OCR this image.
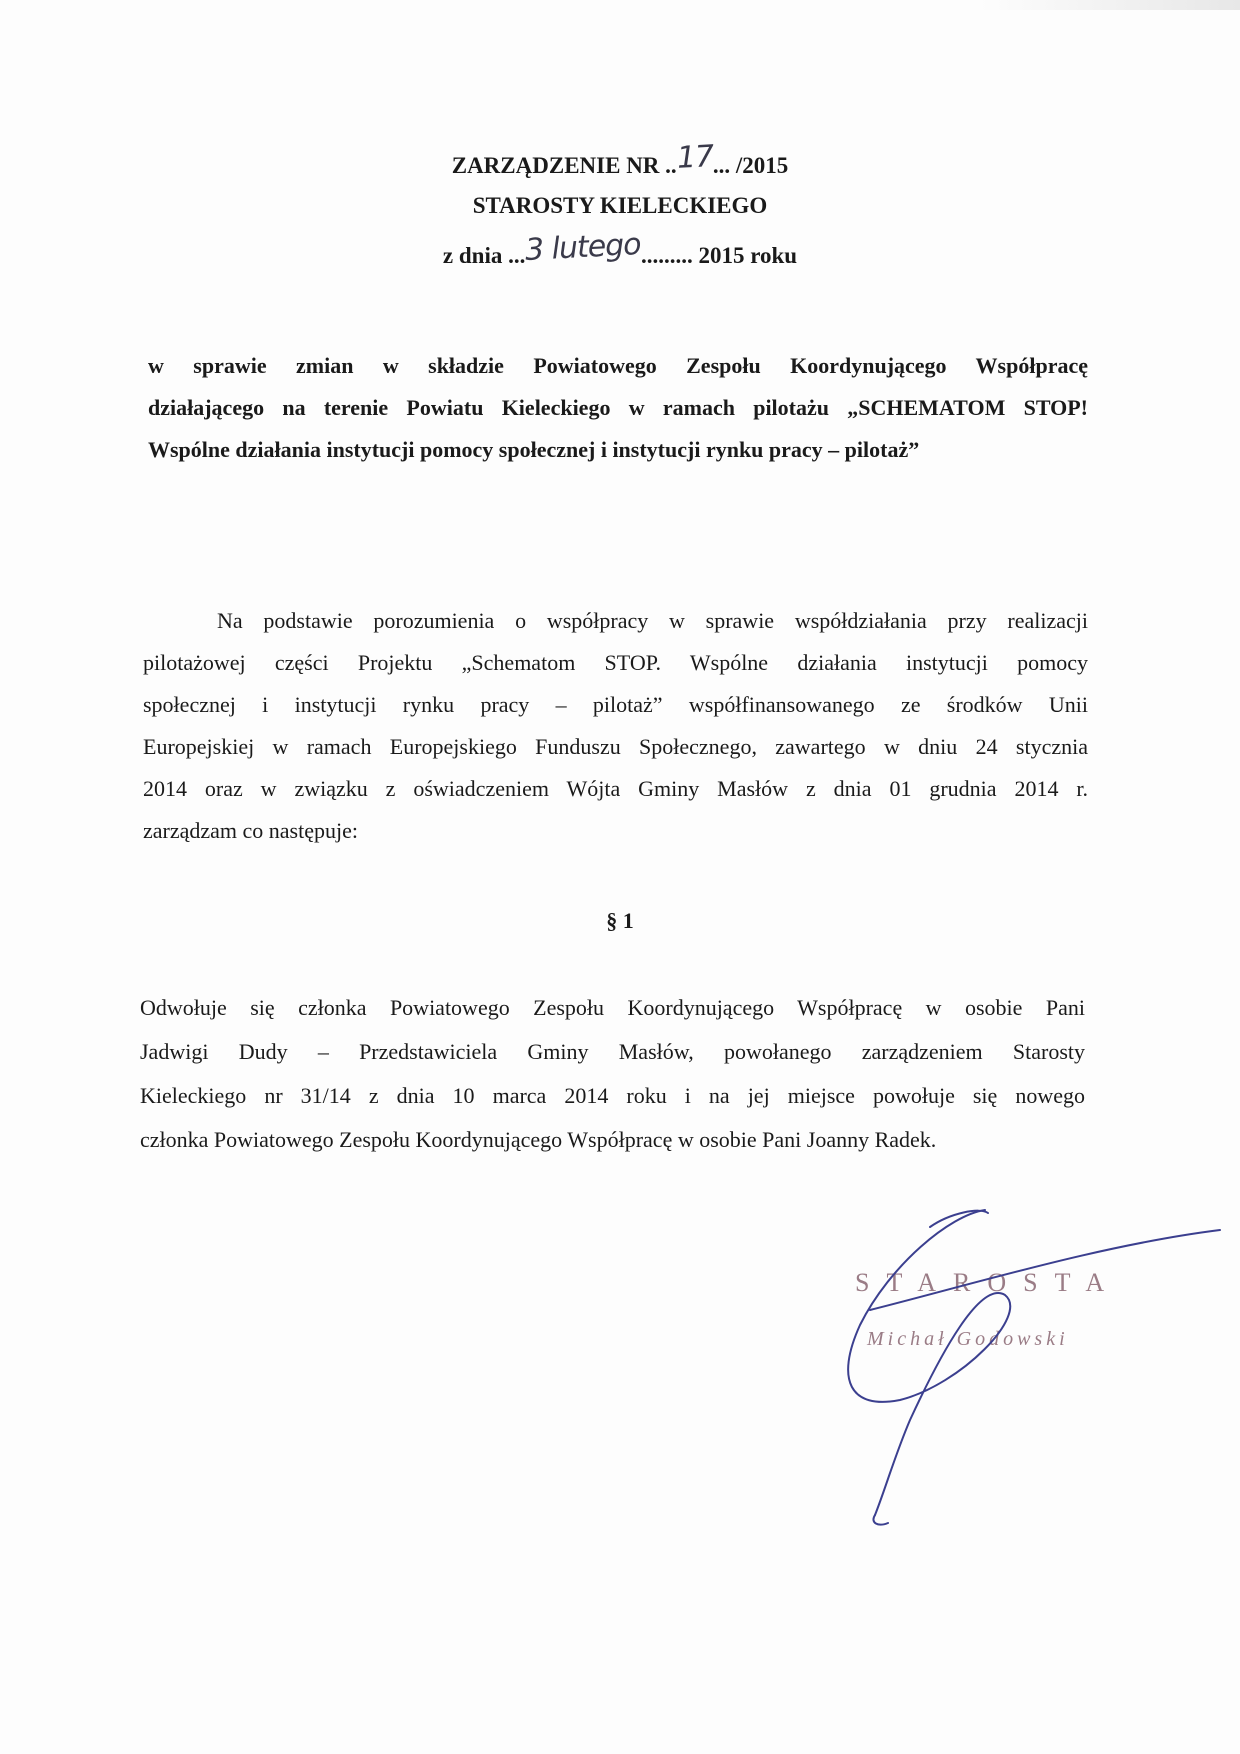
ZARZĄDZENIE NR ..17... /2015
STAROSTY KIELECKIEGO
z dnia ...3 lutego......... 2015 roku
w sprawie zmian w składzie Powiatowego Zespołu Koordynującego Współpracę
działającego na terenie Powiatu Kieleckiego w ramach pilotażu „SCHEMATOM STOP!
Wspólne działania instytucji pomocy społecznej i instytucji rynku pracy – pilotaż”
Na podstawie porozumienia o współpracy w sprawie współdziałania przy realizacji
pilotażowej części Projektu „Schematom STOP. Wspólne działania instytucji pomocy
społecznej i instytucji rynku pracy – pilotaż” współfinansowanego ze środków Unii
Europejskiej w ramach Europejskiego Funduszu Społecznego, zawartego w dniu 24 stycznia
2014 oraz w związku z oświadczeniem Wójta Gminy Masłów z dnia 01 grudnia 2014 r.
zarządzam co następuje:
§ 1
Odwołuje się członka Powiatowego Zespołu Koordynującego Współpracę w osobie Pani
Jadwigi Dudy – Przedstawiciela Gminy Masłów, powołanego zarządzeniem Starosty
Kieleckiego nr 31/14 z dnia 10 marca 2014 roku i na jej miejsce powołuje się nowego
członka Powiatowego Zespołu Koordynującego Współpracę w osobie Pani Joanny Radek.
STAROSTA
Michał Godowski
